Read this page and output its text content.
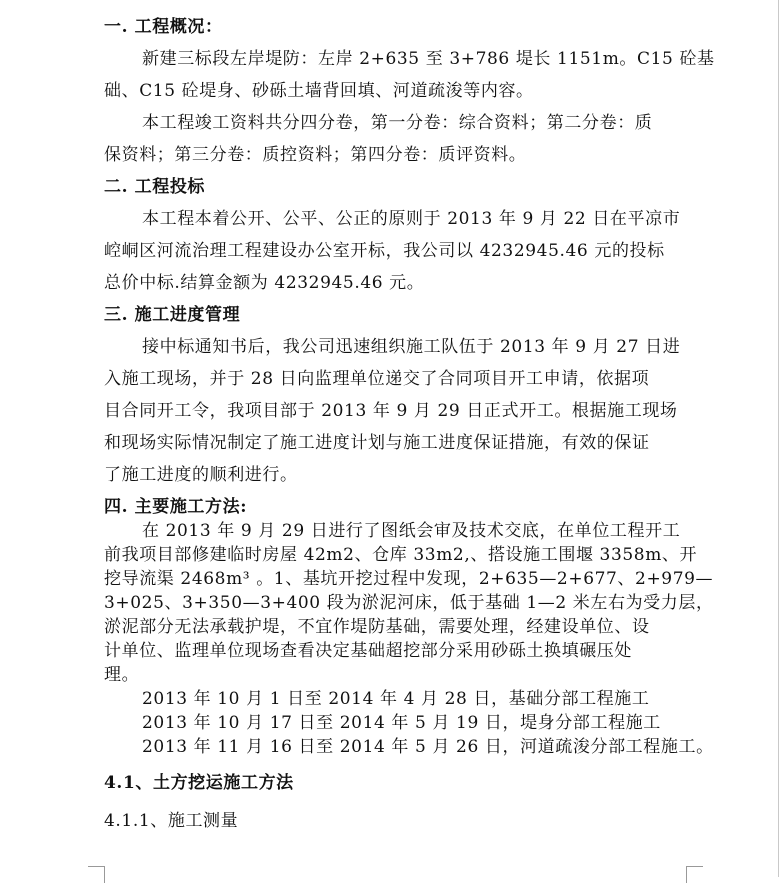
一. 工程概况：
新建三标段左岸堤防：左岸 2+635 至 3+786 堤长 1151m。C15 砼基
础、C15 砼堤身、砂砾土墙背回填、河道疏浚等内容。
本工程竣工资料共分四分卷，第一分卷：综合资料；第二分卷：质
保资料；第三分卷：质控资料；第四分卷：质评资料。
二. 工程投标
本工程本着公开、公平、公正的原则于 2013 年 9 月 22 日在平凉市
崆峒区河流治理工程建设办公室开标，我公司以 4232945.46 元的投标
总价中标.结算金额为 4232945.46 元。
三. 施工进度管理
接中标通知书后，我公司迅速组织施工队伍于 2013 年 9 月 27 日进
入施工现场，并于 28 日向监理单位递交了合同项目开工申请，依据项
目合同开工令，我项目部于 2013 年 9 月 29 日正式开工。根据施工现场
和现场实际情况制定了施工进度计划与施工进度保证措施，有效的保证
了施工进度的顺利进行。
四. 主要施工方法:
在 2013 年 9 月 29 日进行了图纸会审及技术交底，在单位工程开工
前我项目部修建临时房屋 42m2、仓库 33m2,、搭设施工围堰 3358m、开
挖导流渠 2468m³ 。1、基坑开挖过程中发现，2+635—2+677、2+979—
3+025、3+350—3+400 段为淤泥河床，低于基础 1—2 米左右为受力层，
淤泥部分无法承载护堤，不宜作堤防基础，需要处理，经建设单位、设
计单位、监理单位现场查看决定基础超挖部分采用砂砾土换填碾压处
理。
2013 年 10 月 1 日至 2014 年 4 月 28 日，基础分部工程施工
2013 年 10 月 17 日至 2014 年 5 月 19 日，堤身分部工程施工
2013 年 11 月 16 日至 2014 年 5 月 26 日，河道疏浚分部工程施工。
4.1、土方挖运施工方法
4.1.1、施工测量
